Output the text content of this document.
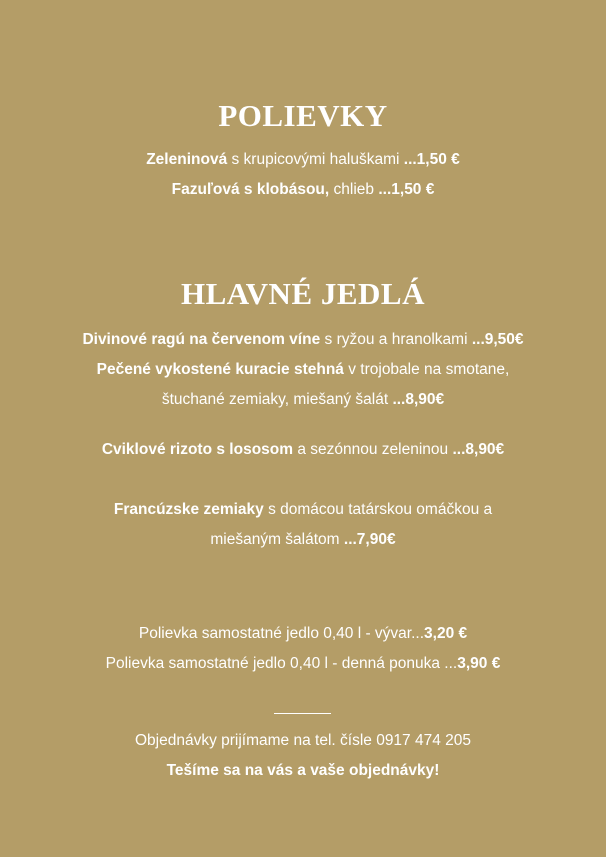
POLIEVKY
Zeleninová s krupicovými haluškami ...1,50 €
Fazuľová s klobásou, chlieb ...1,50 €
HLAVNÉ JEDLÁ
Divinové ragú na červenom víne s ryžou a hranolkami ...9,50€
Pečené vykostené kuracie stehná v trojobale na smotane, štuchané zemiaky, miešaný šalát ...8,90€
Cviklové rizoto s lososom a sezónnou zeleninou ...8,90€
Francúzske zemiaky s domácou tatárskou omáčkou a miešaným šalátom ...7,90€
Polievka samostatné jedlo 0,40 l - vývar...3,20 €
Polievka samostatné jedlo 0,40 l - denná ponuka ...3,90 €
Objednávky prijímame na tel. čísle 0917 474 205
Tešíme sa na vás a vaše objednávky!
